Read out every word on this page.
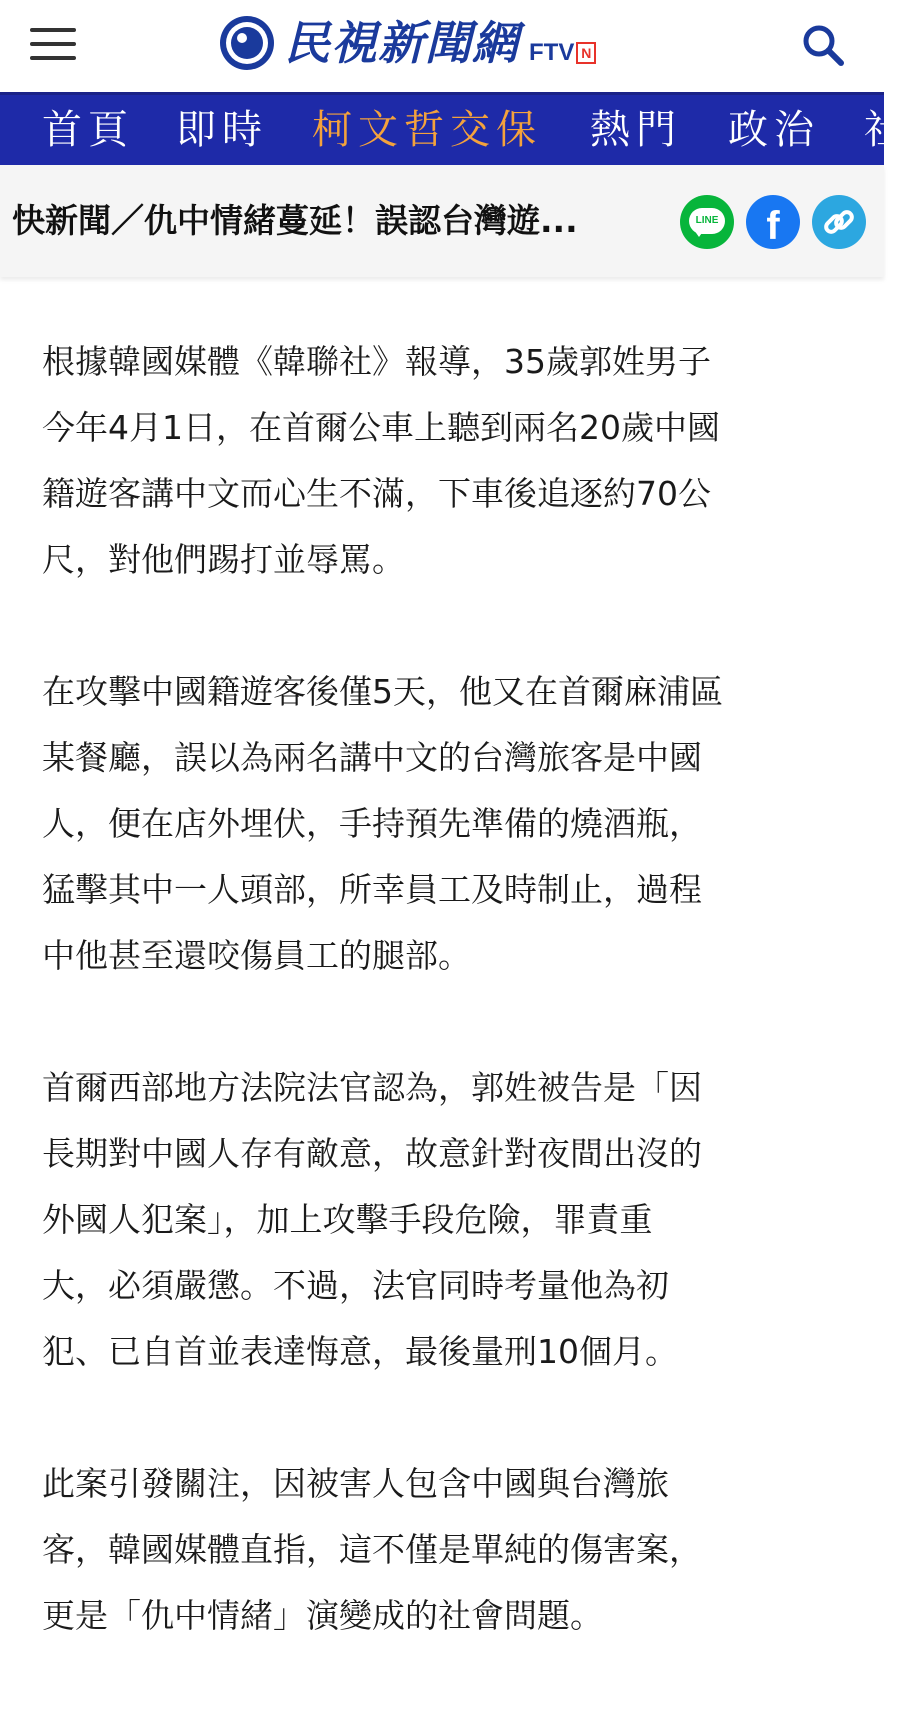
民視新聞網 FTV N
首頁 即時 柯文哲交保 熱門 政治 社
快新聞／仇中情緒蔓延！誤認台灣遊...	LINE	f
根據韓國媒體《韓聯社》報導，35歲郭姓男子
今年4月1日，在首爾公車上聽到兩名20歲中國
籍遊客講中文而心生不滿，下車後追逐約70公
尺，對他們踢打並辱罵。
在攻擊中國籍遊客後僅5天，他又在首爾麻浦區
某餐廳，誤以為兩名講中文的台灣旅客是中國
人，便在店外埋伏，手持預先準備的燒酒瓶，
猛擊其中一人頭部，所幸員工及時制止，過程
中他甚至還咬傷員工的腿部。
首爾西部地方法院法官認為，郭姓被告是「因
長期對中國人存有敵意，故意針對夜間出沒的
外國人犯案」，加上攻擊手段危險，罪責重
大，必須嚴懲。不過，法官同時考量他為初
犯、已自首並表達悔意，最後量刑10個月。
此案引發關注，因被害人包含中國與台灣旅
客，韓國媒體直指，這不僅是單純的傷害案，
更是「仇中情緒」演變成的社會問題。
